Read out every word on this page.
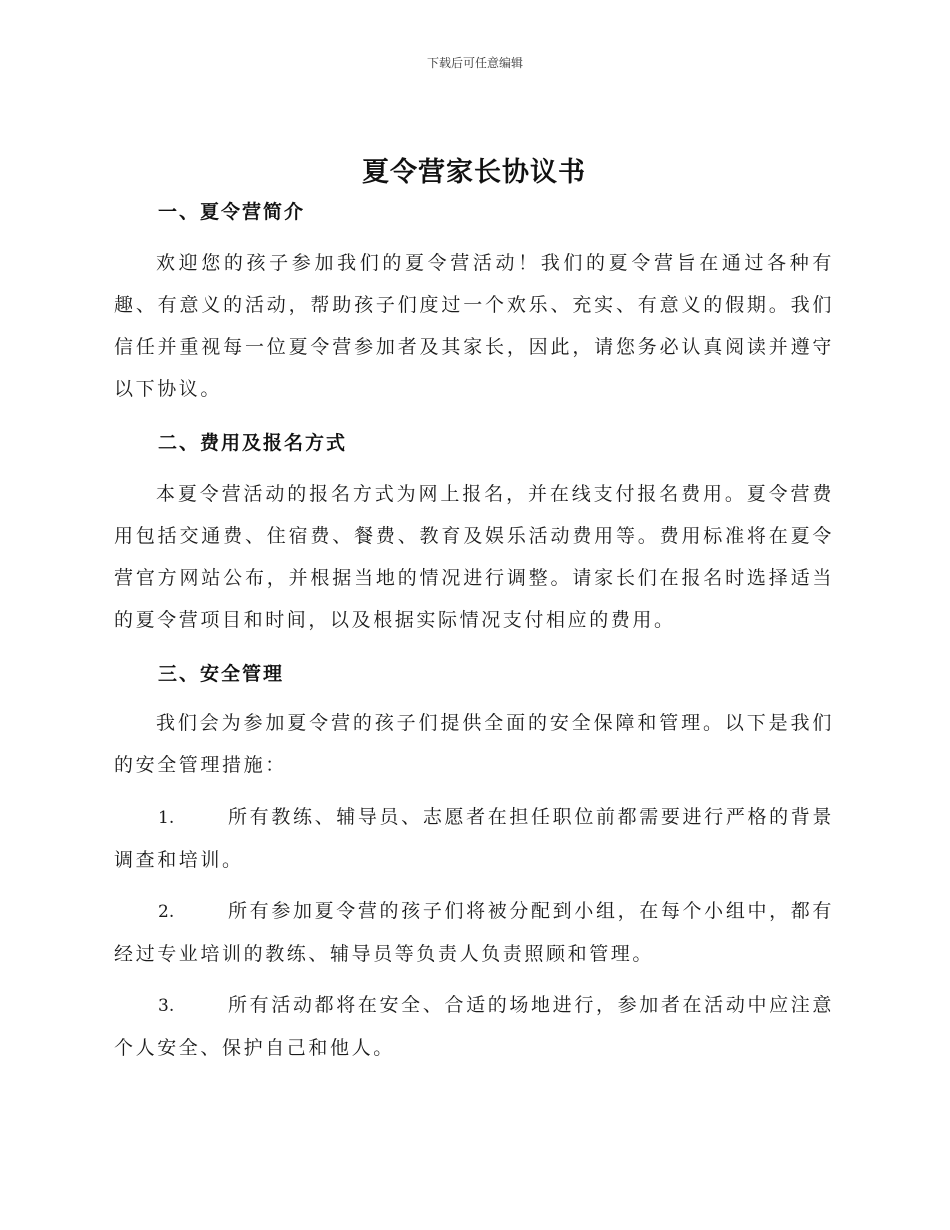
下载后可任意编辑
夏令营家长协议书
一、夏令营简介

欢迎您的孩子参加我们的夏令营活动！我们的夏令营旨在通过各种有趣、有意义的活动，帮助孩子们度过一个欢乐、充实、有意义的假期。我们信任并重视每一位夏令营参加者及其家长，因此，请您务必认真阅读并遵守以下协议。

二、费用及报名方式

本夏令营活动的报名方式为网上报名，并在线支付报名费用。夏令营费用包括交通费、住宿费、餐费、教育及娱乐活动费用等。费用标准将在夏令营官方网站公布，并根据当地的情况进行调整。请家长们在报名时选择适当的夏令营项目和时间，以及根据实际情况支付相应的费用。

三、安全管理

我们会为参加夏令营的孩子们提供全面的安全保障和管理。以下是我们的安全管理措施：

1.	所有教练、辅导员、志愿者在担任职位前都需要进行严格的背景调查和培训。

2.	所有参加夏令营的孩子们将被分配到小组，在每个小组中，都有经过专业培训的教练、辅导员等负责人负责照顾和管理。

3.	所有活动都将在安全、合适的场地进行，参加者在活动中应注意个人安全、保护自己和他人。
